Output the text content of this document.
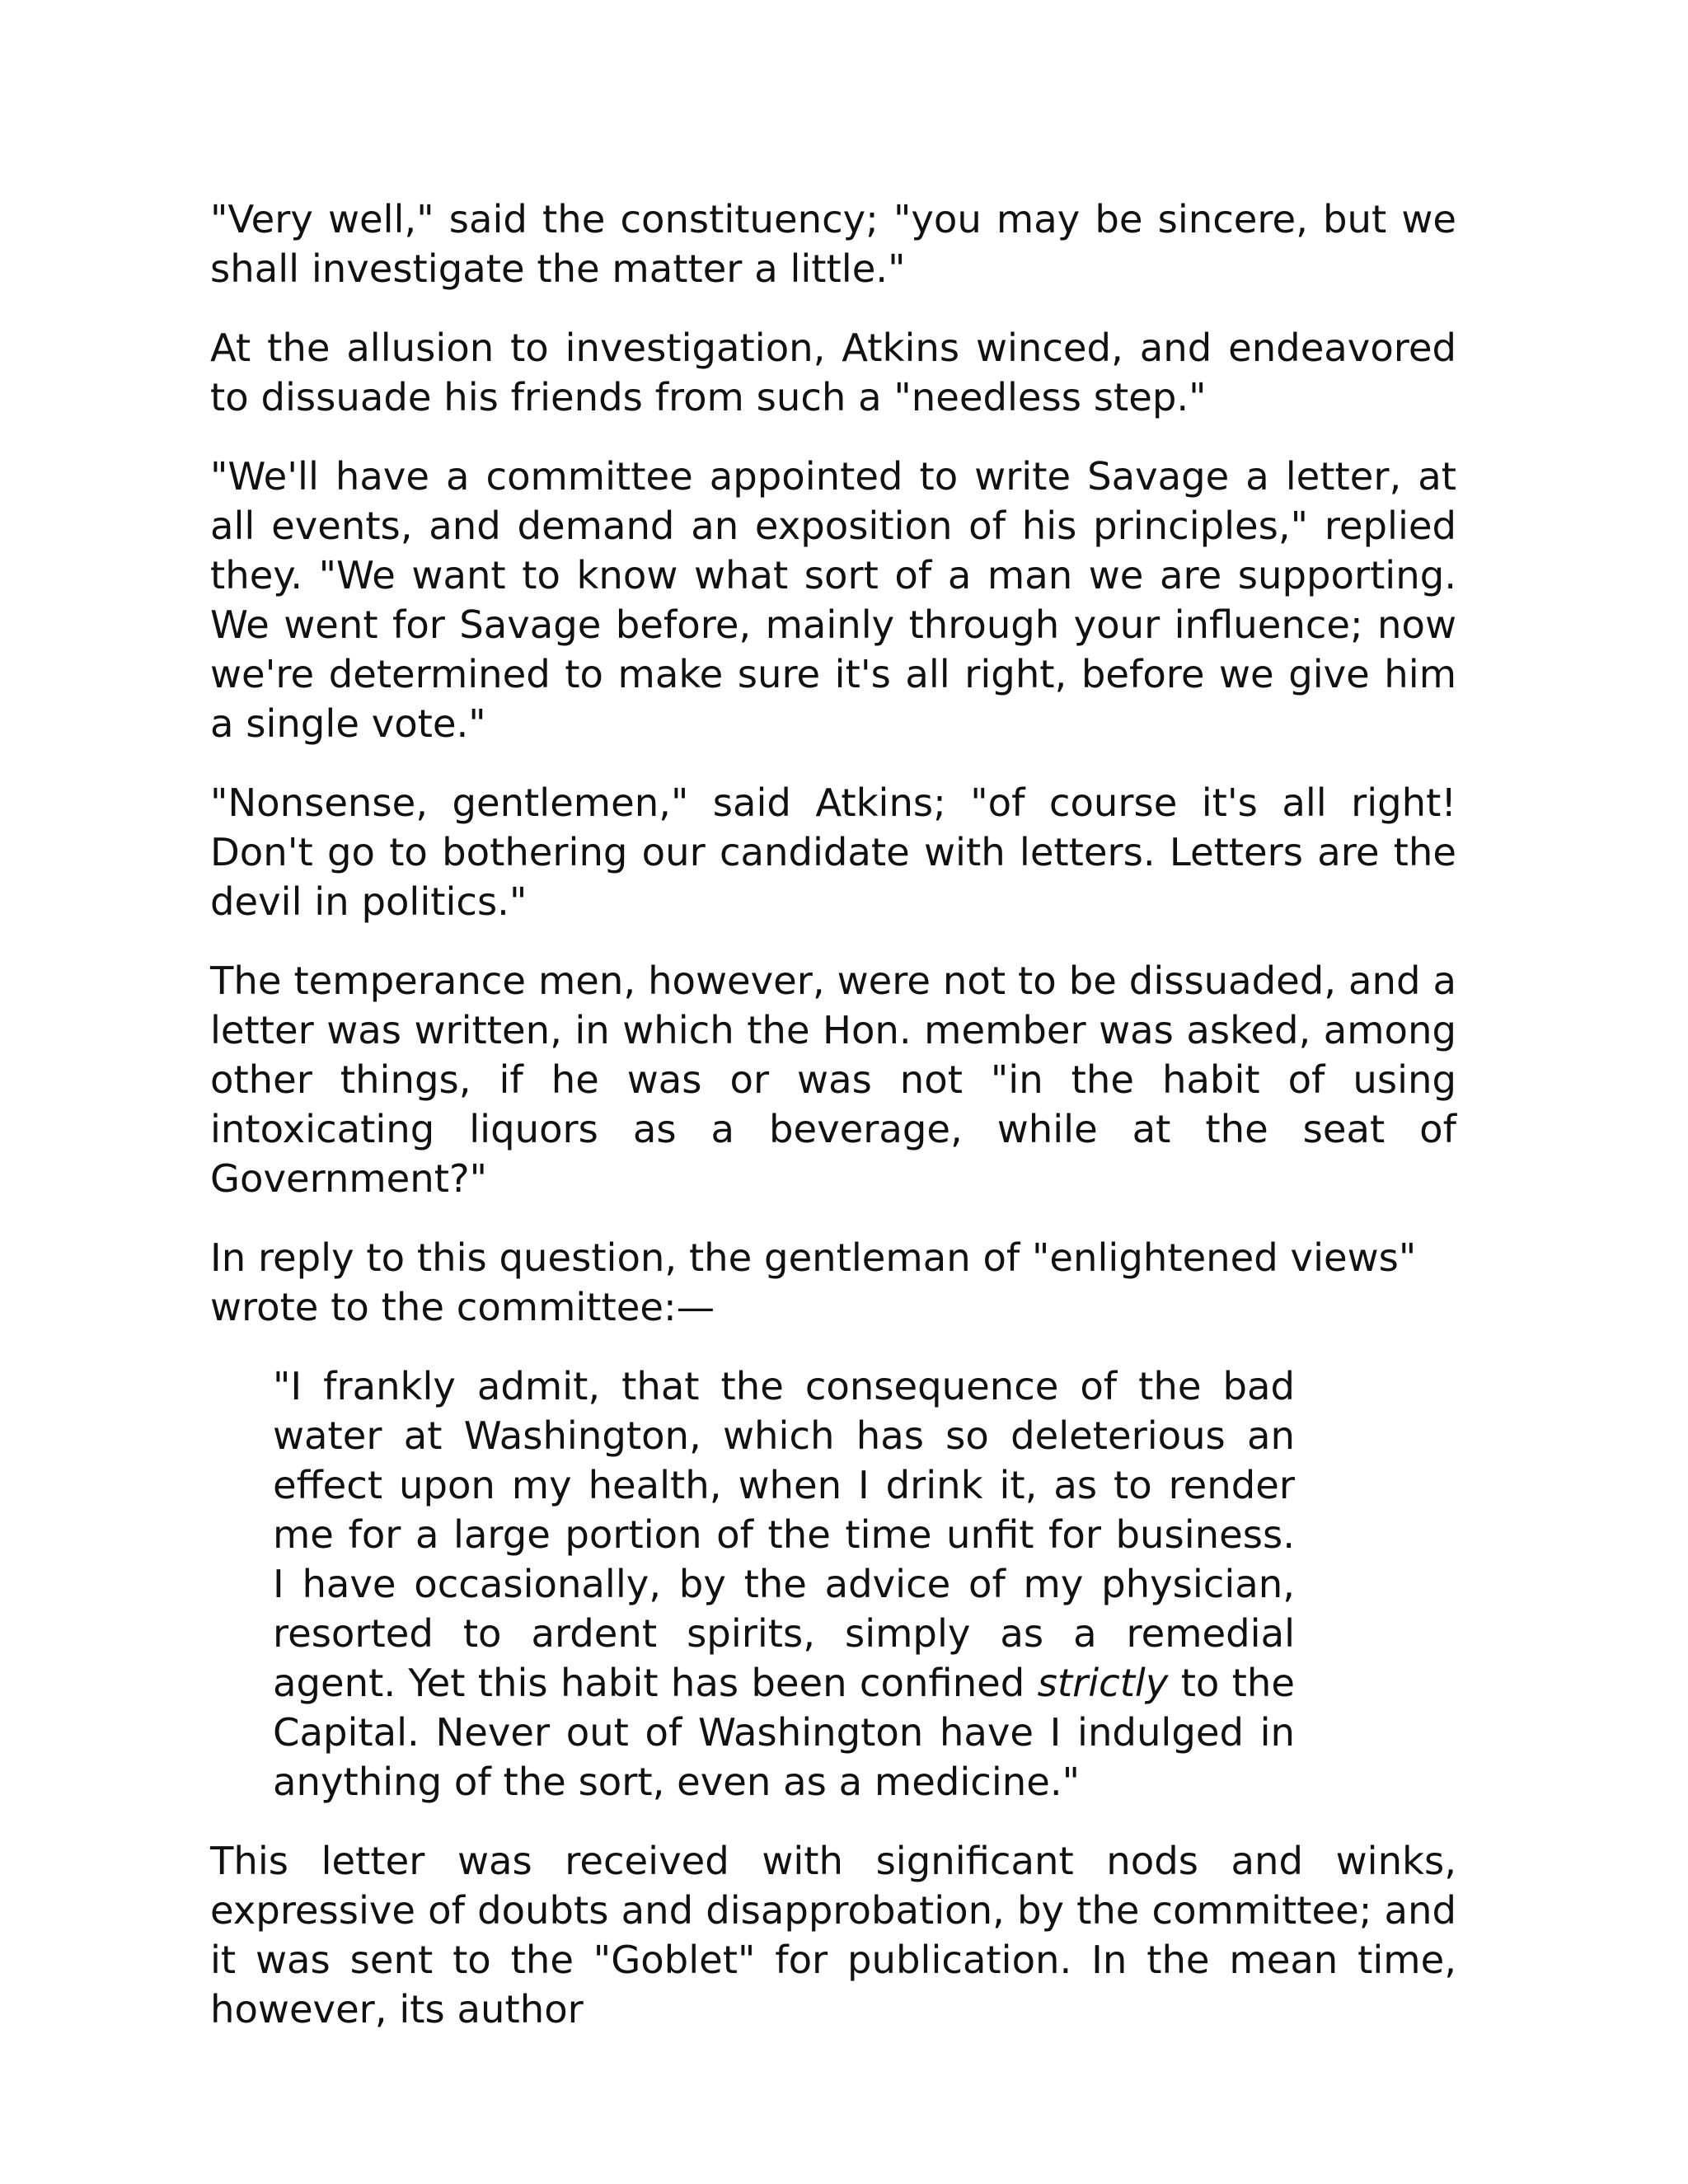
"Very well," said the constituency; "you may be sincere, but we shall investigate the matter a little."

At the allusion to investigation, Atkins winced, and endeavored to dissuade his friends from such a "needless step."

"We'll have a committee appointed to write Savage a letter, at all events, and demand an exposition of his principles," replied they. "We want to know what sort of a man we are supporting. We went for Savage before, mainly through your influence; now we're determined to make sure it's all right, before we give him a single vote."

"Nonsense, gentlemen," said Atkins; "of course it's all right! Don't go to bothering our candidate with letters. Letters are the devil in politics."

The temperance men, however, were not to be dissuaded, and a letter was written, in which the Hon. member was asked, among other things, if he was or was not "in the habit of using intoxicating liquors as a beverage, while at the seat of Government?"

In reply to this question, the gentleman of "enlightened views" wrote to the committee:—

"I frankly admit, that the consequence of the bad water at Washington, which has so deleterious an effect upon my health, when I drink it, as to render me for a large portion of the time unfit for business. I have occasionally, by the advice of my physician, resorted to ardent spirits, simply as a remedial agent. Yet this habit has been confined strictly to the Capital. Never out of Washington have I indulged in anything of the sort, even as a medicine."

This letter was received with significant nods and winks, expressive of doubts and disapprobation, by the committee; and it was sent to the "Goblet" for publication. In the mean time, however, its author
